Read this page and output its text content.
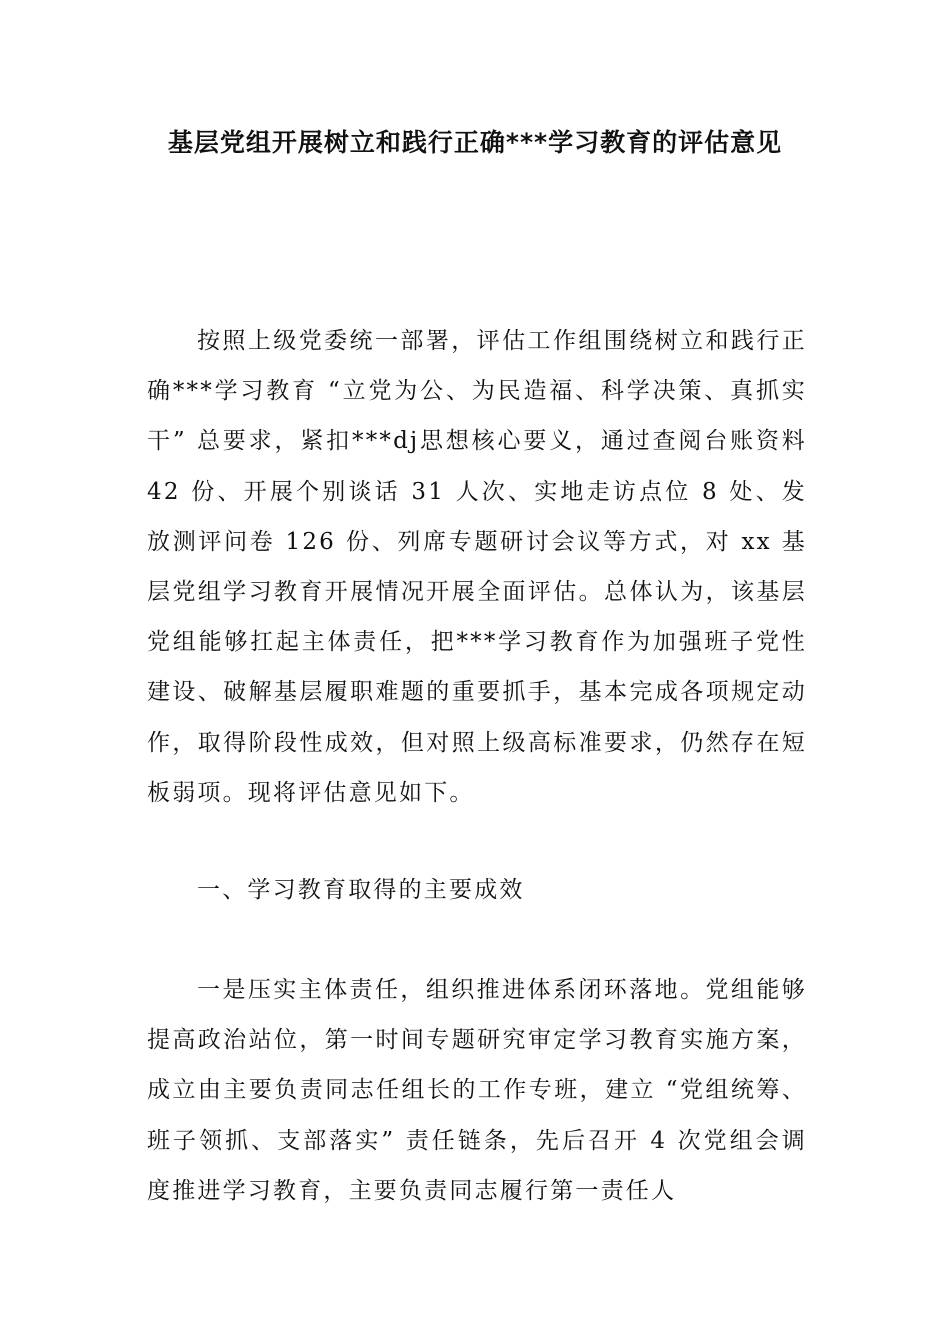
基层党组开展树立和践行正确***学习教育的评估意见

按照上级党委统一部署，评估工作组围绕树立和践行正确***学习教育 “立党为公、为民造福、科学决策、真抓实干” 总要求，紧扣***dj思想核心要义，通过查阅台账资料 42 份、开展个别谈话 31 人次、实地走访点位 8 处、发放测评问卷 126 份、列席专题研讨会议等方式，对 xx 基层党组学习教育开展情况开展全面评估。总体认为，该基层党组能够扛起主体责任，把***学习教育作为加强班子党性建设、破解基层履职难题的重要抓手，基本完成各项规定动作，取得阶段性成效，但对照上级高标准要求，仍然存在短板弱项。现将评估意见如下。

一、学习教育取得的主要成效

一是压实主体责任，组织推进体系闭环落地。党组能够提高政治站位，第一时间专题研究审定学习教育实施方案，成立由主要负责同志任组长的工作专班，建立 “党组统筹、班子领抓、支部落实” 责任链条，先后召开 4 次党组会调度推进学习教育，主要负责同志履行第一责任人
